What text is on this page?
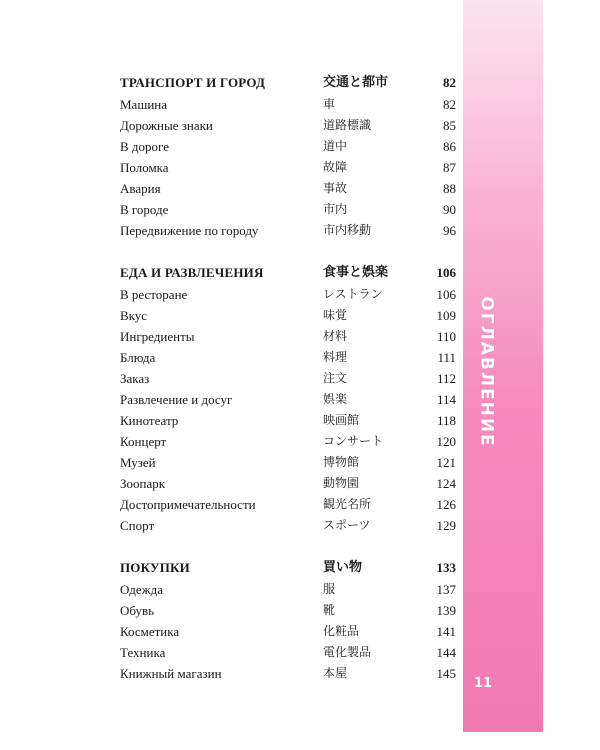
ОГЛАВЛЕНИЕ
11
ТРАНСПОРТ И ГОРОД	交通と都市	82
Машина	車	82
Дорожные знаки	道路標識	85
В дороге	道中	86
Поломка	故障	87
Авария	事故	88
В городе	市内	90
Передвижение по городу	市内移動	96
ЕДА И РАЗВЛЕЧЕНИЯ	食事と娯楽	106
В ресторане	レストラン	106
Вкус	味覚	109
Ингредиенты	材料	110
Блюда	料理	111
Заказ	注文	112
Развлечение и досуг	娯楽	114
Кинотеатр	映画館	118
Концерт	コンサート	120
Музей	博物館	121
Зоопарк	動物園	124
Достопримечательности	観光名所	126
Спорт	スポーツ	129
ПОКУПКИ	買い物	133
Одежда	服	137
Обувь	靴	139
Косметика	化粧品	141
Техника	電化製品	144
Книжный магазин	本屋	145
